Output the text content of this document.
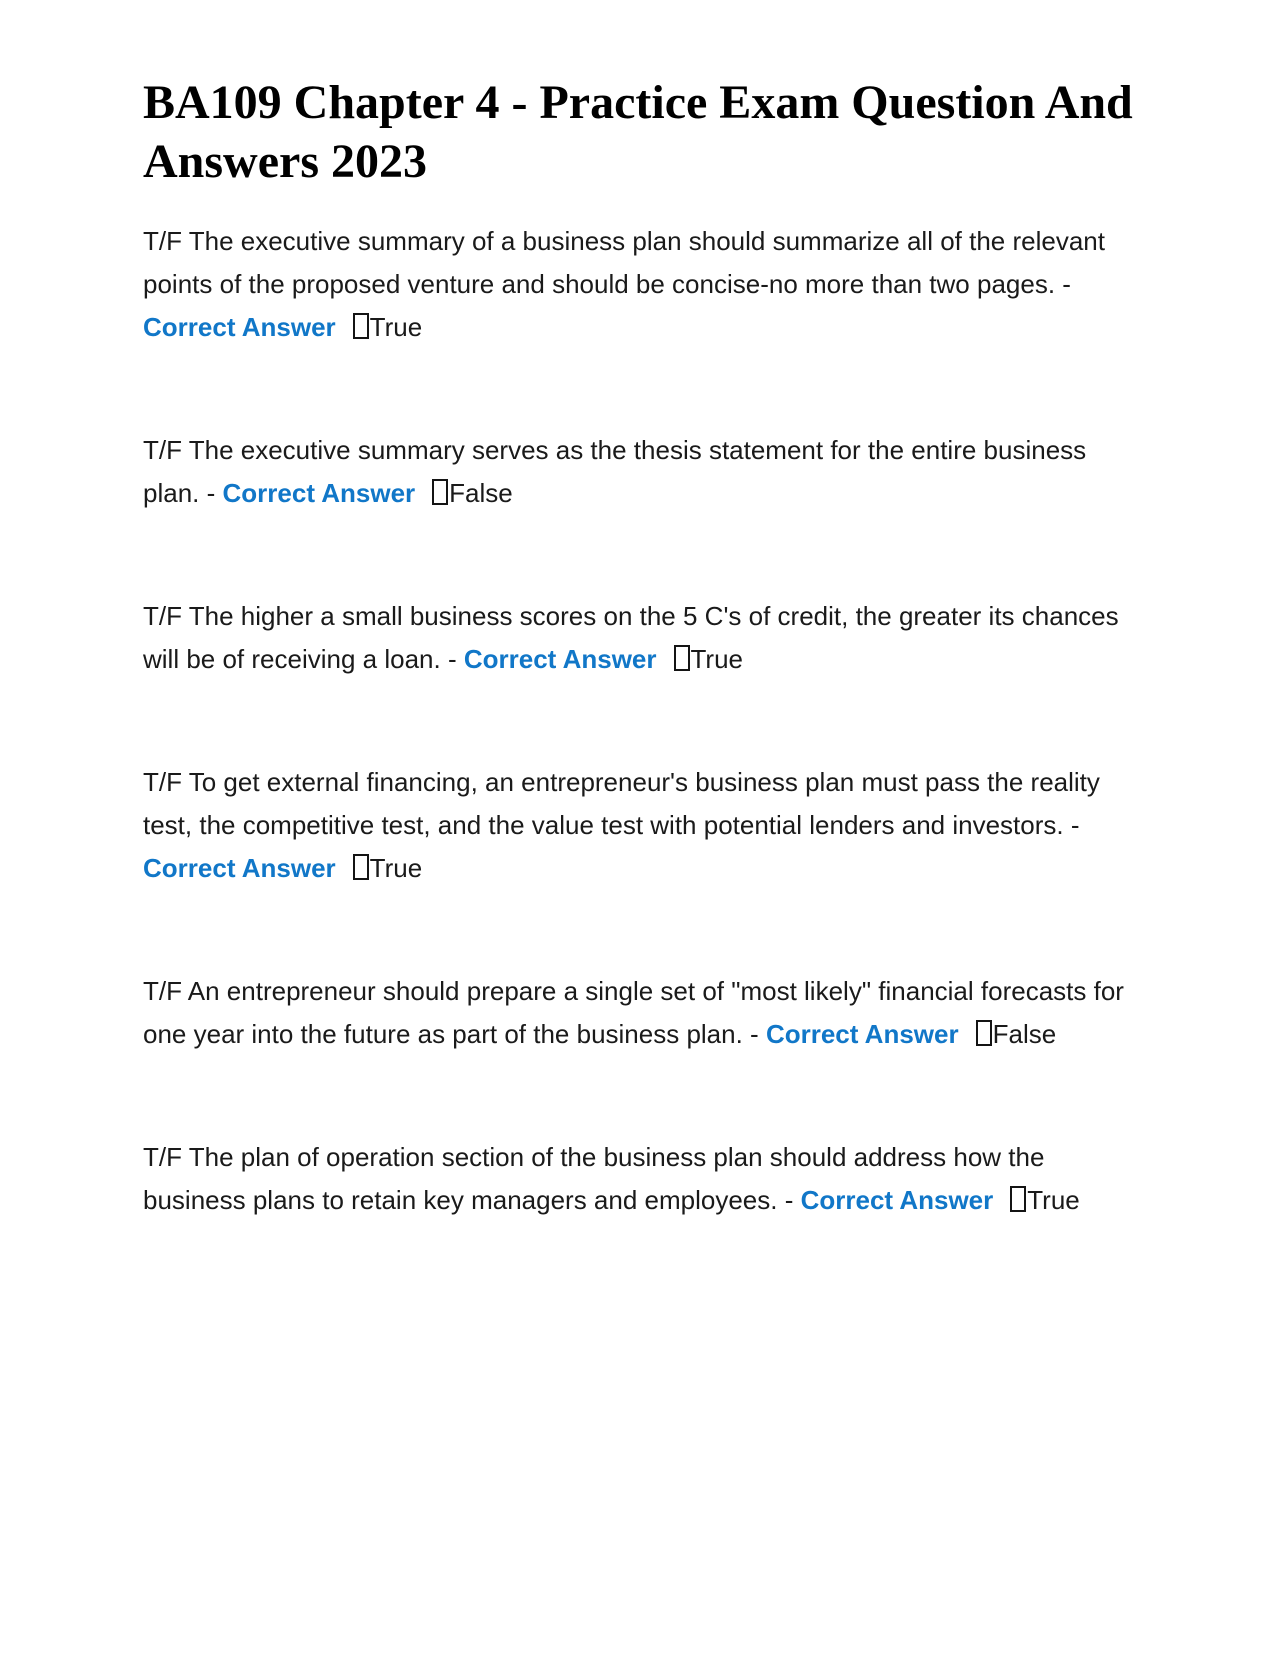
BA109 Chapter 4 - Practice Exam Question And Answers 2023

T/F The executive summary of a business plan should summarize all of the relevant points of the proposed venture and should be concise-no more than two pages. - Correct Answer True

T/F The executive summary serves as the thesis statement for the entire business plan. - Correct Answer False

T/F The higher a small business scores on the 5 C's of credit, the greater its chances will be of receiving a loan. - Correct Answer True

T/F To get external financing, an entrepreneur's business plan must pass the reality test, the competitive test, and the value test with potential lenders and investors. - Correct Answer True

T/F An entrepreneur should prepare a single set of "most likely" financial forecasts for one year into the future as part of the business plan. - Correct Answer False

T/F The plan of operation section of the business plan should address how the business plans to retain key managers and employees. - Correct Answer True
